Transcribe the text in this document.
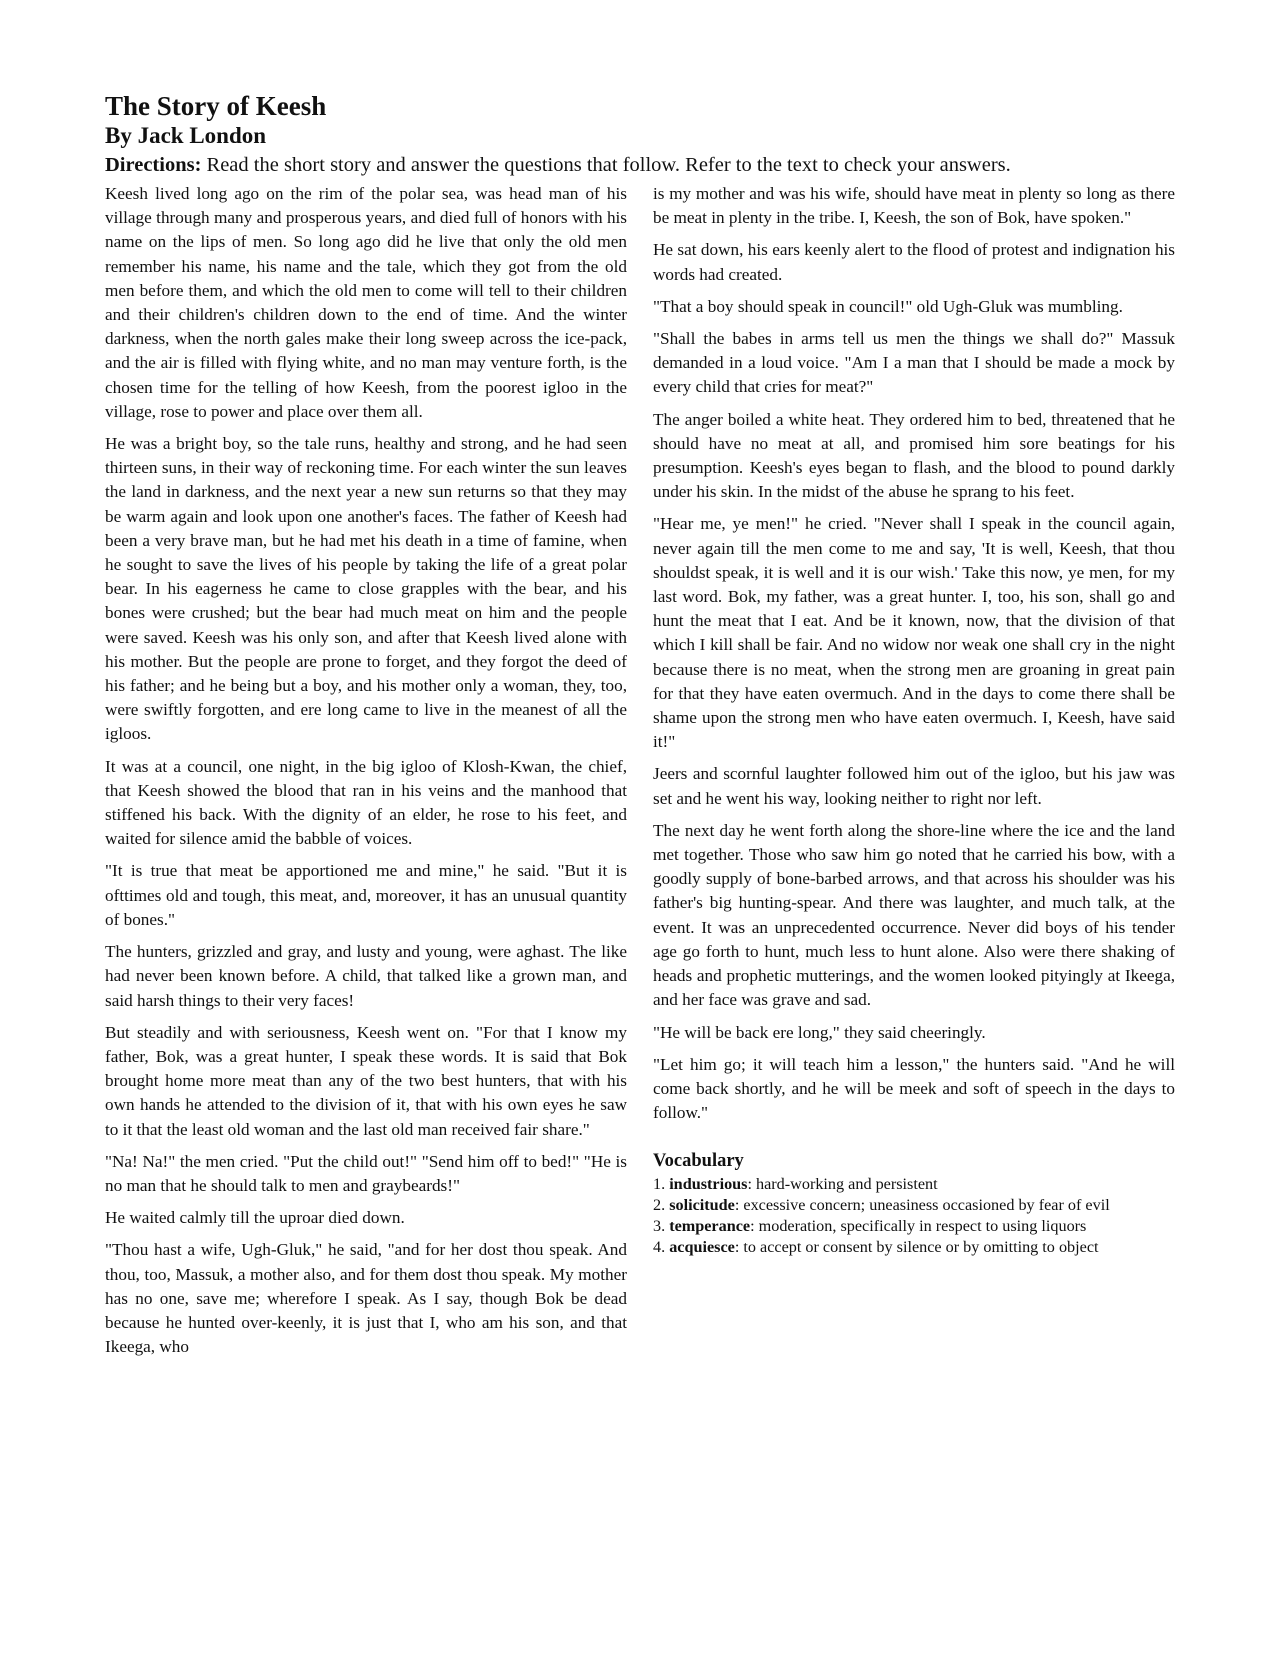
The Story of Keesh
By Jack London

Directions: Read the short story and answer the questions that follow. Refer to the text to check your answers.

Keesh lived long ago on the rim of the polar sea, was head man of his village through many and prosperous years, and died full of honors with his name on the lips of men. So long ago did he live that only the old men remember his name, his name and the tale, which they got from the old men before them, and which the old men to come will tell to their children and their children's children down to the end of time. And the winter darkness, when the north gales make their long sweep across the ice-pack, and the air is filled with flying white, and no man may venture forth, is the chosen time for the telling of how Keesh, from the poorest igloo in the village, rose to power and place over them all.

He was a bright boy, so the tale runs, healthy and strong, and he had seen thirteen suns, in their way of reckoning time. For each winter the sun leaves the land in darkness, and the next year a new sun returns so that they may be warm again and look upon one another's faces. The father of Keesh had been a very brave man, but he had met his death in a time of famine, when he sought to save the lives of his people by taking the life of a great polar bear. In his eagerness he came to close grapples with the bear, and his bones were crushed; but the bear had much meat on him and the people were saved. Keesh was his only son, and after that Keesh lived alone with his mother. But the people are prone to forget, and they forgot the deed of his father; and he being but a boy, and his mother only a woman, they, too, were swiftly forgotten, and ere long came to live in the meanest of all the igloos.

It was at a council, one night, in the big igloo of Klosh-Kwan, the chief, that Keesh showed the blood that ran in his veins and the manhood that stiffened his back. With the dignity of an elder, he rose to his feet, and waited for silence amid the babble of voices.

"It is true that meat be apportioned me and mine," he said. "But it is ofttimes old and tough, this meat, and, moreover, it has an unusual quantity of bones."

The hunters, grizzled and gray, and lusty and young, were aghast. The like had never been known before. A child, that talked like a grown man, and said harsh things to their very faces!

But steadily and with seriousness, Keesh went on. "For that I know my father, Bok, was a great hunter, I speak these words. It is said that Bok brought home more meat than any of the two best hunters, that with his own hands he attended to the division of it, that with his own eyes he saw to it that the least old woman and the last old man received fair share."

"Na! Na!" the men cried. "Put the child out!" "Send him off to bed!" "He is no man that he should talk to men and graybeards!"

He waited calmly till the uproar died down.

"Thou hast a wife, Ugh-Gluk," he said, "and for her dost thou speak. And thou, too, Massuk, a mother also, and for them dost thou speak. My mother has no one, save me; wherefore I speak. As I say, though Bok be dead because he hunted over-keenly, it is just that I, who am his son, and that Ikeega, who

is my mother and was his wife, should have meat in plenty so long as there be meat in plenty in the tribe. I, Keesh, the son of Bok, have spoken."

He sat down, his ears keenly alert to the flood of protest and indignation his words had created.

"That a boy should speak in council!" old Ugh-Gluk was mumbling.

"Shall the babes in arms tell us men the things we shall do?" Massuk demanded in a loud voice. "Am I a man that I should be made a mock by every child that cries for meat?"

The anger boiled a white heat. They ordered him to bed, threatened that he should have no meat at all, and promised him sore beatings for his presumption. Keesh's eyes began to flash, and the blood to pound darkly under his skin. In the midst of the abuse he sprang to his feet.

"Hear me, ye men!" he cried. "Never shall I speak in the council again, never again till the men come to me and say, 'It is well, Keesh, that thou shouldst speak, it is well and it is our wish.' Take this now, ye men, for my last word. Bok, my father, was a great hunter. I, too, his son, shall go and hunt the meat that I eat. And be it known, now, that the division of that which I kill shall be fair. And no widow nor weak one shall cry in the night because there is no meat, when the strong men are groaning in great pain for that they have eaten overmuch. And in the days to come there shall be shame upon the strong men who have eaten overmuch. I, Keesh, have said it!"

Jeers and scornful laughter followed him out of the igloo, but his jaw was set and he went his way, looking neither to right nor left.

The next day he went forth along the shore-line where the ice and the land met together. Those who saw him go noted that he carried his bow, with a goodly supply of bone-barbed arrows, and that across his shoulder was his father's big hunting-spear. And there was laughter, and much talk, at the event. It was an unprecedented occurrence. Never did boys of his tender age go forth to hunt, much less to hunt alone. Also were there shaking of heads and prophetic mutterings, and the women looked pityingly at Ikeega, and her face was grave and sad.

"He will be back ere long," they said cheeringly.

"Let him go; it will teach him a lesson," the hunters said. "And he will come back shortly, and he will be meek and soft of speech in the days to follow."

Vocabulary

1. industrious: hard-working and persistent

2. solicitude: excessive concern; uneasiness occasioned by fear of evil

3. temperance: moderation, specifically in respect to using liquors

4. acquiesce: to accept or consent by silence or by omitting to object
